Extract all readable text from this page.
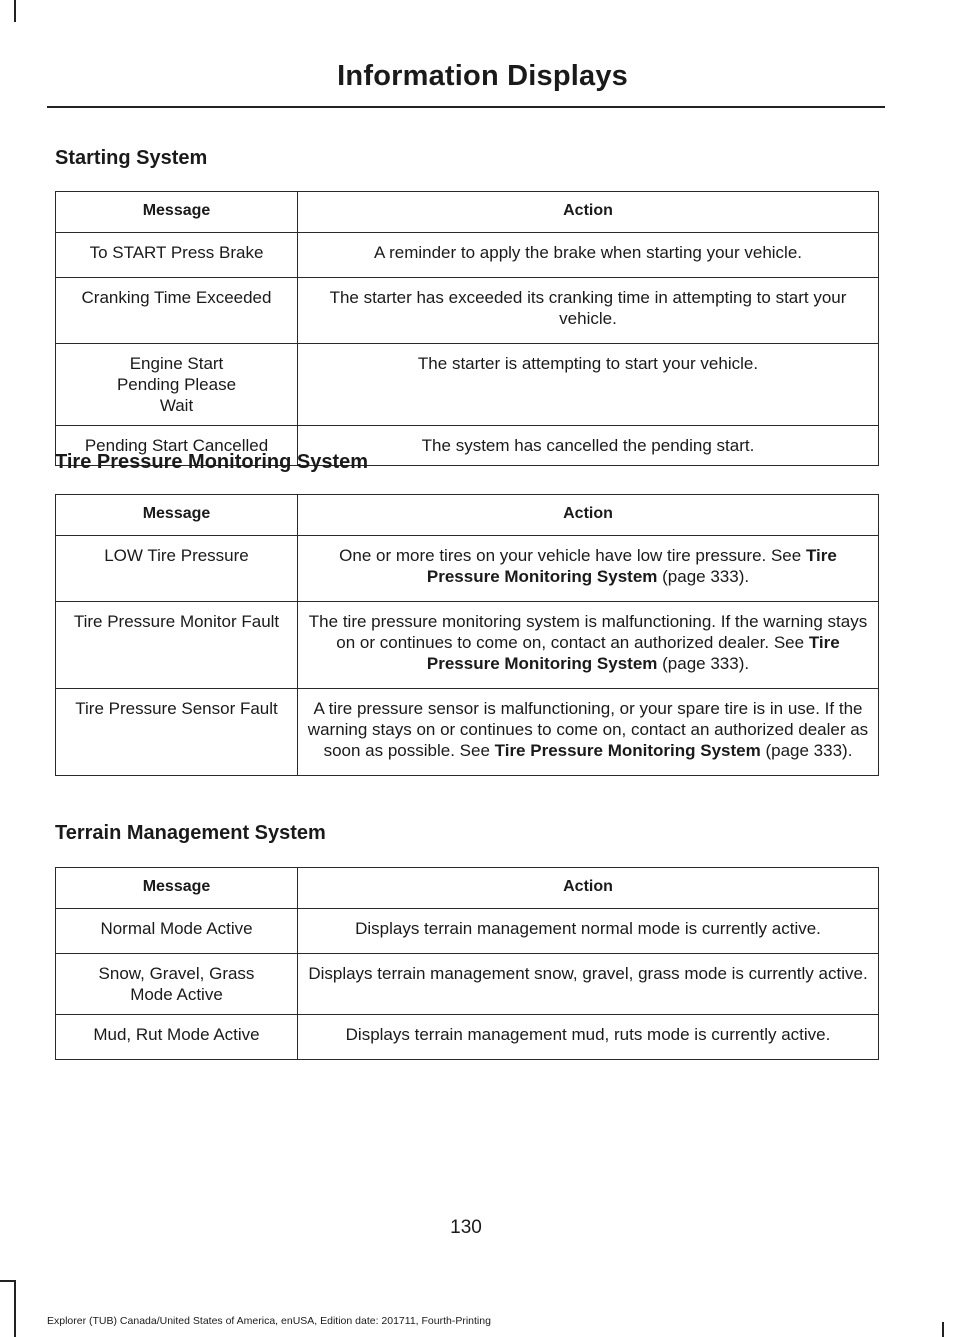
Information Displays
Starting System
Message	Action
To START Press Brake	A reminder to apply the brake when starting your vehicle.
Cranking Time Exceeded	The starter has exceeded its cranking time in attempting to start your vehicle.
Engine Start Pending Please Wait	The starter is attempting to start your vehicle.
Pending Start Cancelled	The system has cancelled the pending start.
Tire Pressure Monitoring System
Message	Action
LOW Tire Pressure	One or more tires on your vehicle have low tire pressure. See Tire Pressure Monitoring System (page 333).
Tire Pressure Monitor Fault	The tire pressure monitoring system is malfunctioning. If the warning stays on or continues to come on, contact an authorized dealer. See Tire Pressure Monitoring System (page 333).
Tire Pressure Sensor Fault	A tire pressure sensor is malfunctioning, or your spare tire is in use. If the warning stays on or continues to come on, contact an authorized dealer as soon as possible. See Tire Pressure Monitoring System (page 333).
Terrain Management System
Message	Action
Normal Mode Active	Displays terrain management normal mode is currently active.
Snow, Gravel, Grass Mode Active	Displays terrain management snow, gravel, grass mode is currently active.
Mud, Rut Mode Active	Displays terrain management mud, ruts mode is currently active.

130

Explorer (TUB) Canada/United States of America, enUSA, Edition date: 201711, Fourth-Printing
